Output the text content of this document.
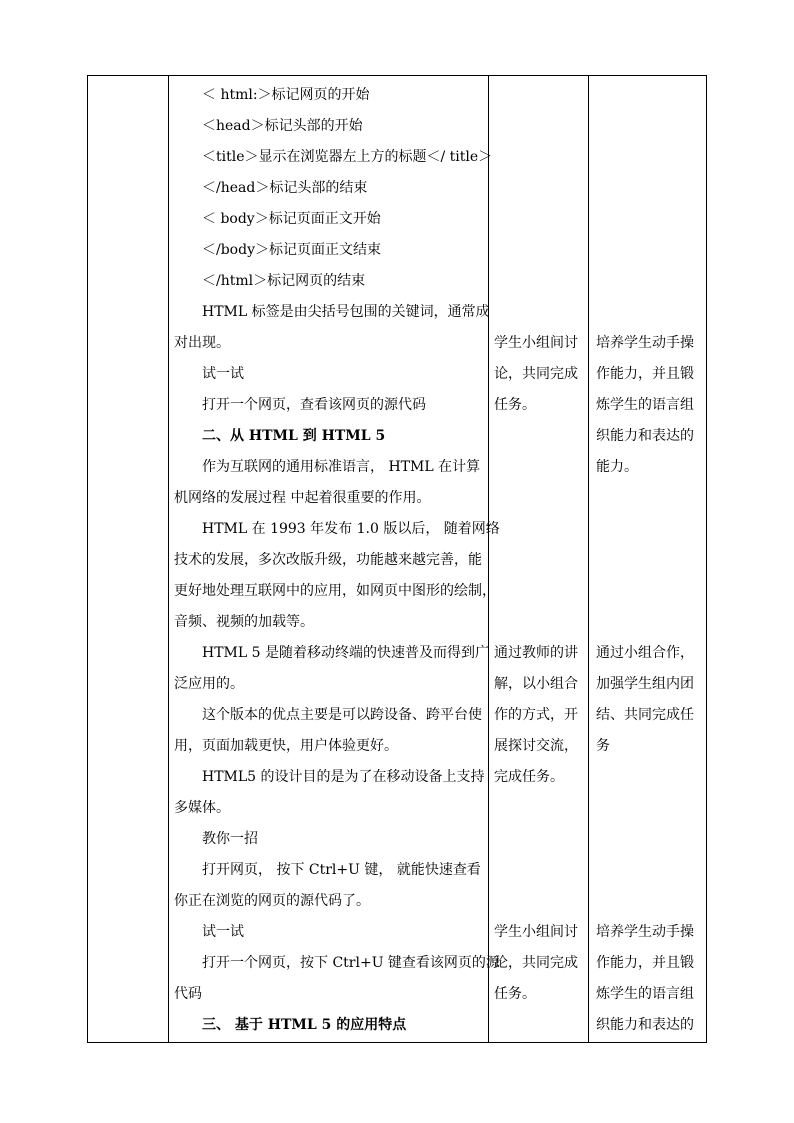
＜ html:＞标记网页的开始
＜head＞标记头部的开始
＜title＞显示在浏览器左上方的标题＜/ title＞
＜/head＞标记头部的结束
＜ body＞标记页面正文开始
＜/body＞标记页面正文结束
＜/html＞标记网页的结束
HTML 标签是由尖括号包围的关键词，通常成
对出现。
试一试
打开一个网页，查看该网页的源代码
二、从 HTML 到 HTML 5
作为互联网的通用标准语言， HTML 在计算
机网络的发展过程 中起着很重要的作用。
HTML 在 1993 年发布 1.0 版以后， 随着网络
技术的发展，多次改版升级，功能越来越完善，能
更好地处理互联网中的应用，如网页中图形的绘制，
音频、视频的加载等。
HTML 5 是随着移动终端的快速普及而得到广
泛应用的。
这个版本的优点主要是可以跨设备、跨平台使
用，页面加载更快，用户体验更好。
HTML5 的设计目的是为了在移动设备上支持
多媒体。
教你一招
打开网页， 按下 Ctrl+U 键， 就能快速查看
你正在浏览的网页的源代码了。
试一试
打开一个网页，按下 Ctrl+U 键查看该网页的源
代码
三、 基于 HTML 5 的应用特点
学生小组间讨
论，共同完成
任务。
通过教师的讲
解，以小组合
作的方式，开
展探讨交流，
完成任务。
学生小组间讨
论，共同完成
任务。
培养学生动手操
作能力，并且锻
炼学生的语言组
织能力和表达的
能力。
通过小组合作，
加强学生组内团
结、共同完成任
务
培养学生动手操
作能力，并且锻
炼学生的语言组
织能力和表达的
